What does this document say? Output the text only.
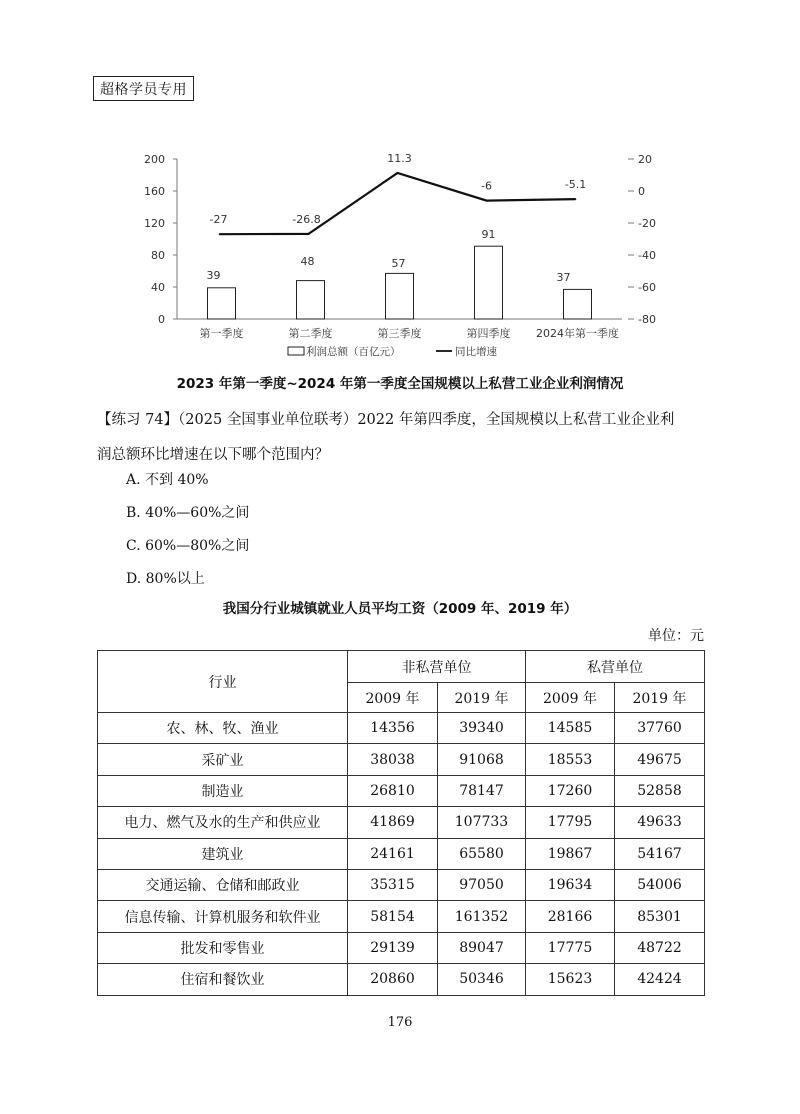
超格学员专用
0
40
80
120
160
200
-80
-60
-40
-20
0
20
第一季度	第二季度	第三季度	第四季度 2024年第一季度
39
48	57
91
37
-27	-26.8
11.3
-6	-5.1
利润总额（百亿元）	同比增速
2023 年第一季度~2024 年第一季度全国规模以上私营工业企业利润情况
【练习 74】（2025 全国事业单位联考）2022 年第四季度，全国规模以上私营工业企业利
润总额环比增速在以下哪个范围内？
A. 不到 40%
B. 40%—60%之间
C. 60%—80%之间
D. 80%以上
我国分行业城镇就业人员平均工资（2009 年、2019 年）
单位：元
行业	非私营单位		私营单位	
	2009 年	2019 年	2009 年	2019 年
农、林、牧、渔业	14356	39340	14585	37760
采矿业	38038	91068	18553	49675
制造业	26810	78147	17260	52858
电力、燃气及水的生产和供应业	41869	107733	17795	49633
建筑业	24161	65580	19867	54167
交通运输、仓储和邮政业	35315	97050	19634	54006
信息传输、计算机服务和软件业	58154	161352	28166	85301
批发和零售业	29139	89047	17775	48722
住宿和餐饮业	20860	50346	15623	42424
176
